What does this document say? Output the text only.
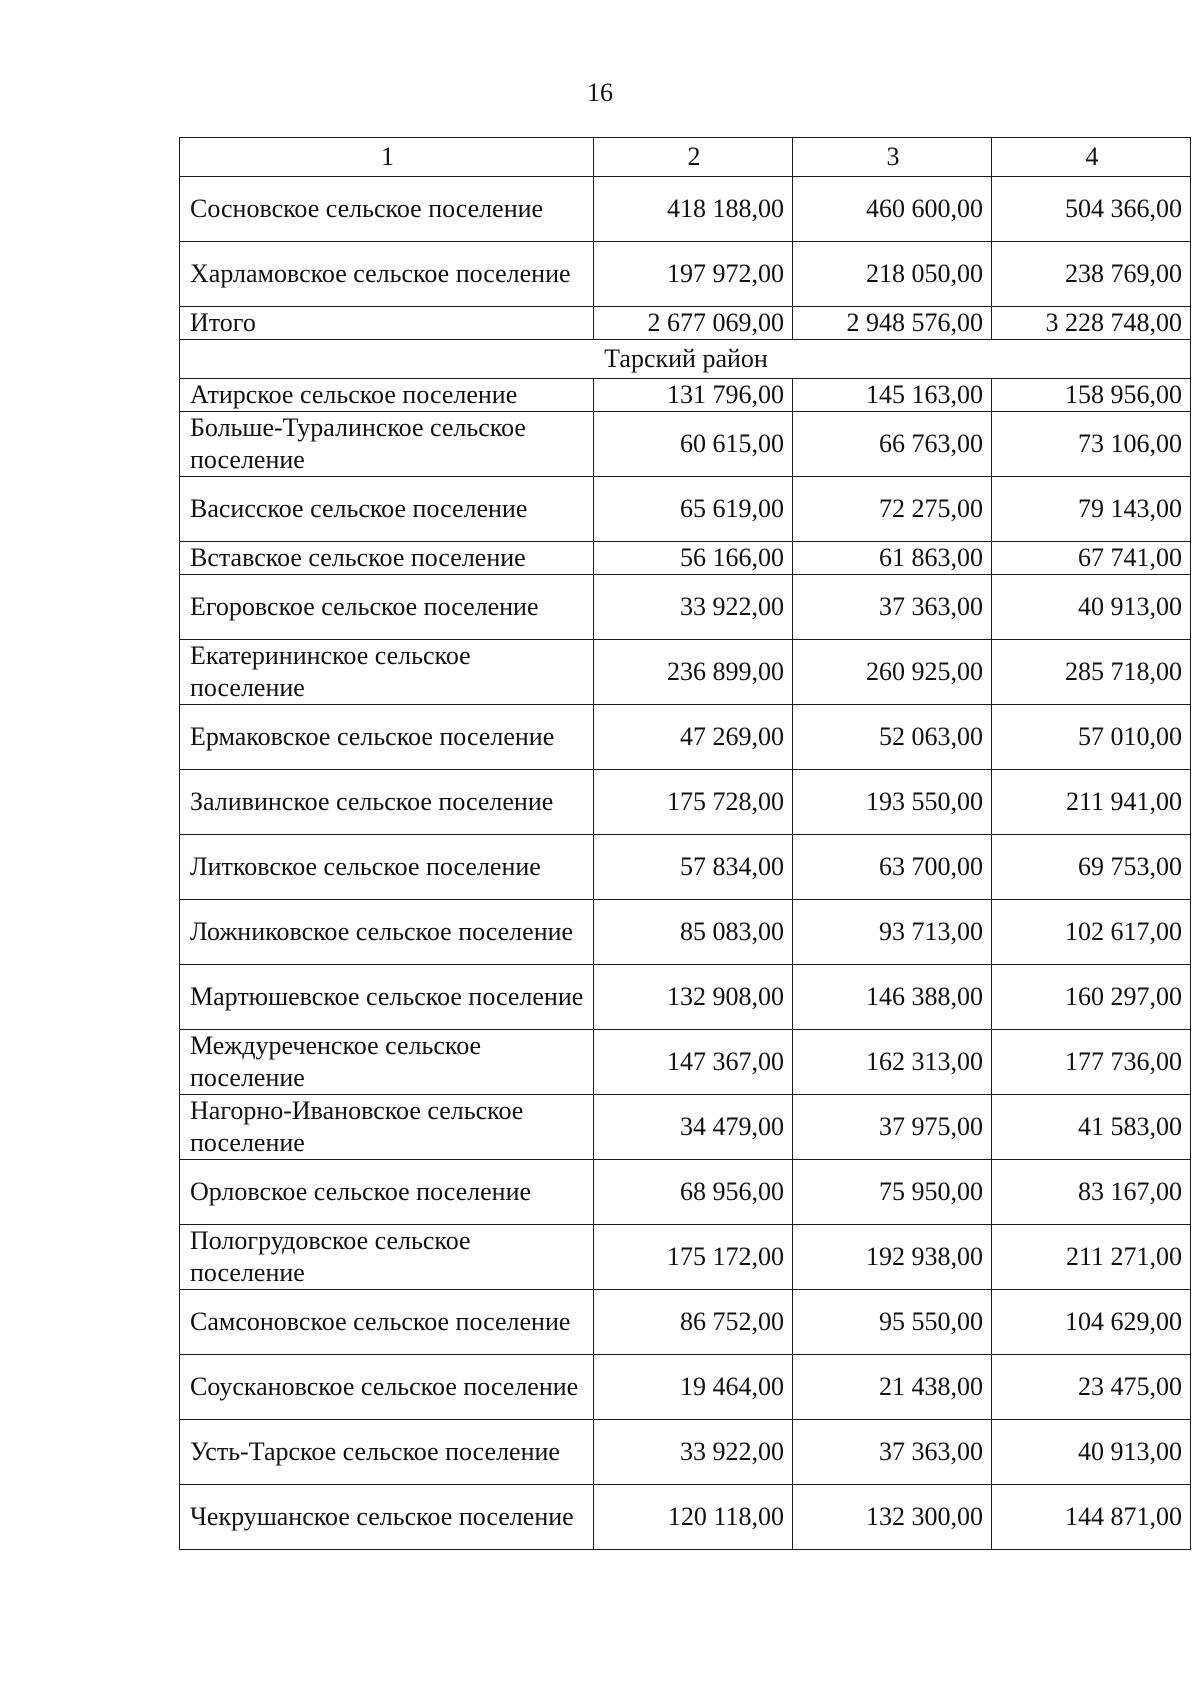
16
1	2	3	4
Сосновское сельское поселение	418 188,00	460 600,00	504 366,00
Харламовское сельское поселение	197 972,00	218 050,00	238 769,00
Итого	2 677 069,00	2 948 576,00	3 228 748,00
Тарский район			
Атирское сельское поселение	131 796,00	145 163,00	158 956,00
Больше-Туралинское сельское поселение	60 615,00	66 763,00	73 106,00
Васисское сельское поселение	65 619,00	72 275,00	79 143,00
Вставское сельское поселение	56 166,00	61 863,00	67 741,00
Егоровское сельское поселение	33 922,00	37 363,00	40 913,00
Екатерининское сельское поселение	236 899,00	260 925,00	285 718,00
Ермаковское сельское поселение	47 269,00	52 063,00	57 010,00
Заливинское сельское поселение	175 728,00	193 550,00	211 941,00
Литковское сельское поселение	57 834,00	63 700,00	69 753,00
Ложниковское сельское поселение	85 083,00	93 713,00	102 617,00
Мартюшевское сельское поселение	132 908,00	146 388,00	160 297,00
Междуреченское сельское поселение	147 367,00	162 313,00	177 736,00
Нагорно-Ивановское сельское поселение	34 479,00	37 975,00	41 583,00
Орловское сельское поселение	68 956,00	75 950,00	83 167,00
Пологрудовское сельское поселение	175 172,00	192 938,00	211 271,00
Самсоновское сельское поселение	86 752,00	95 550,00	104 629,00
Соускановское сельское поселение	19 464,00	21 438,00	23 475,00
Усть-Тарское сельское поселение	33 922,00	37 363,00	40 913,00
Чекрушанское сельское поселение	120 118,00	132 300,00	144 871,00
